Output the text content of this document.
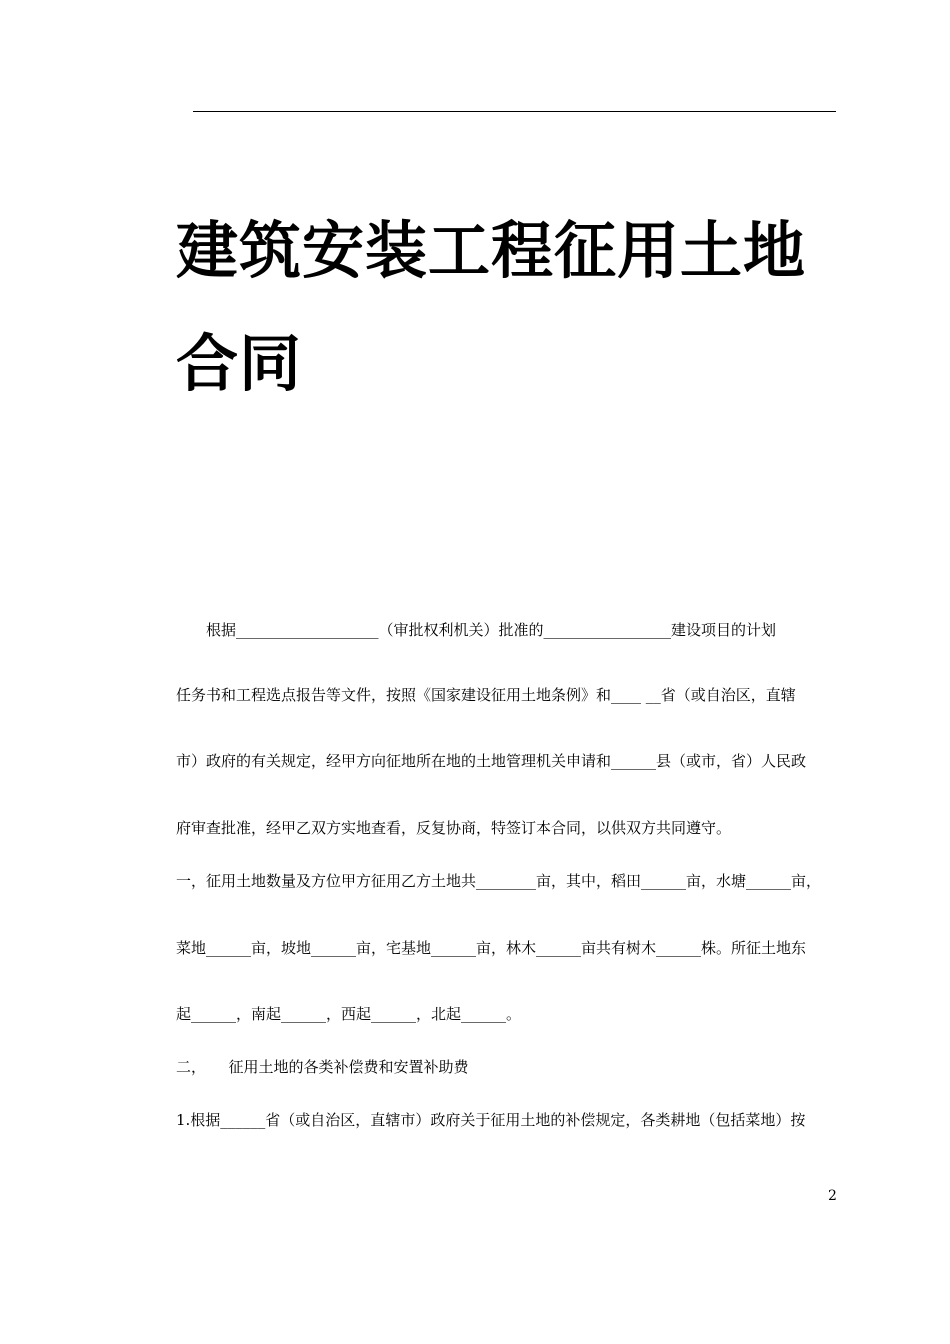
建筑安装工程征用土地
合同
　　根据___________________（审批权利机关）批准的_________________建设项目的计划
任务书和工程选点报告等文件，按照《国家建设征用土地条例》和____ __省（或自治区，直辖
市）政府的有关规定，经甲方向征地所在地的土地管理机关申请和______县（或市，省）人民政
府审查批准，经甲乙双方实地查看，反复协商，特签订本合同，以供双方共同遵守。
一，征用土地数量及方位甲方征用乙方土地共________亩，其中，稻田______亩，水塘______亩，
菜地______亩，坡地______亩，宅基地______亩，林木______亩共有树木______株。所征土地东
起______，南起______，西起______，北起______。
二，　　征用土地的各类补偿费和安置补助费
1.根据______省（或自治区，直辖市）政府关于征用土地的补偿规定，各类耕地（包括菜地）按
2
